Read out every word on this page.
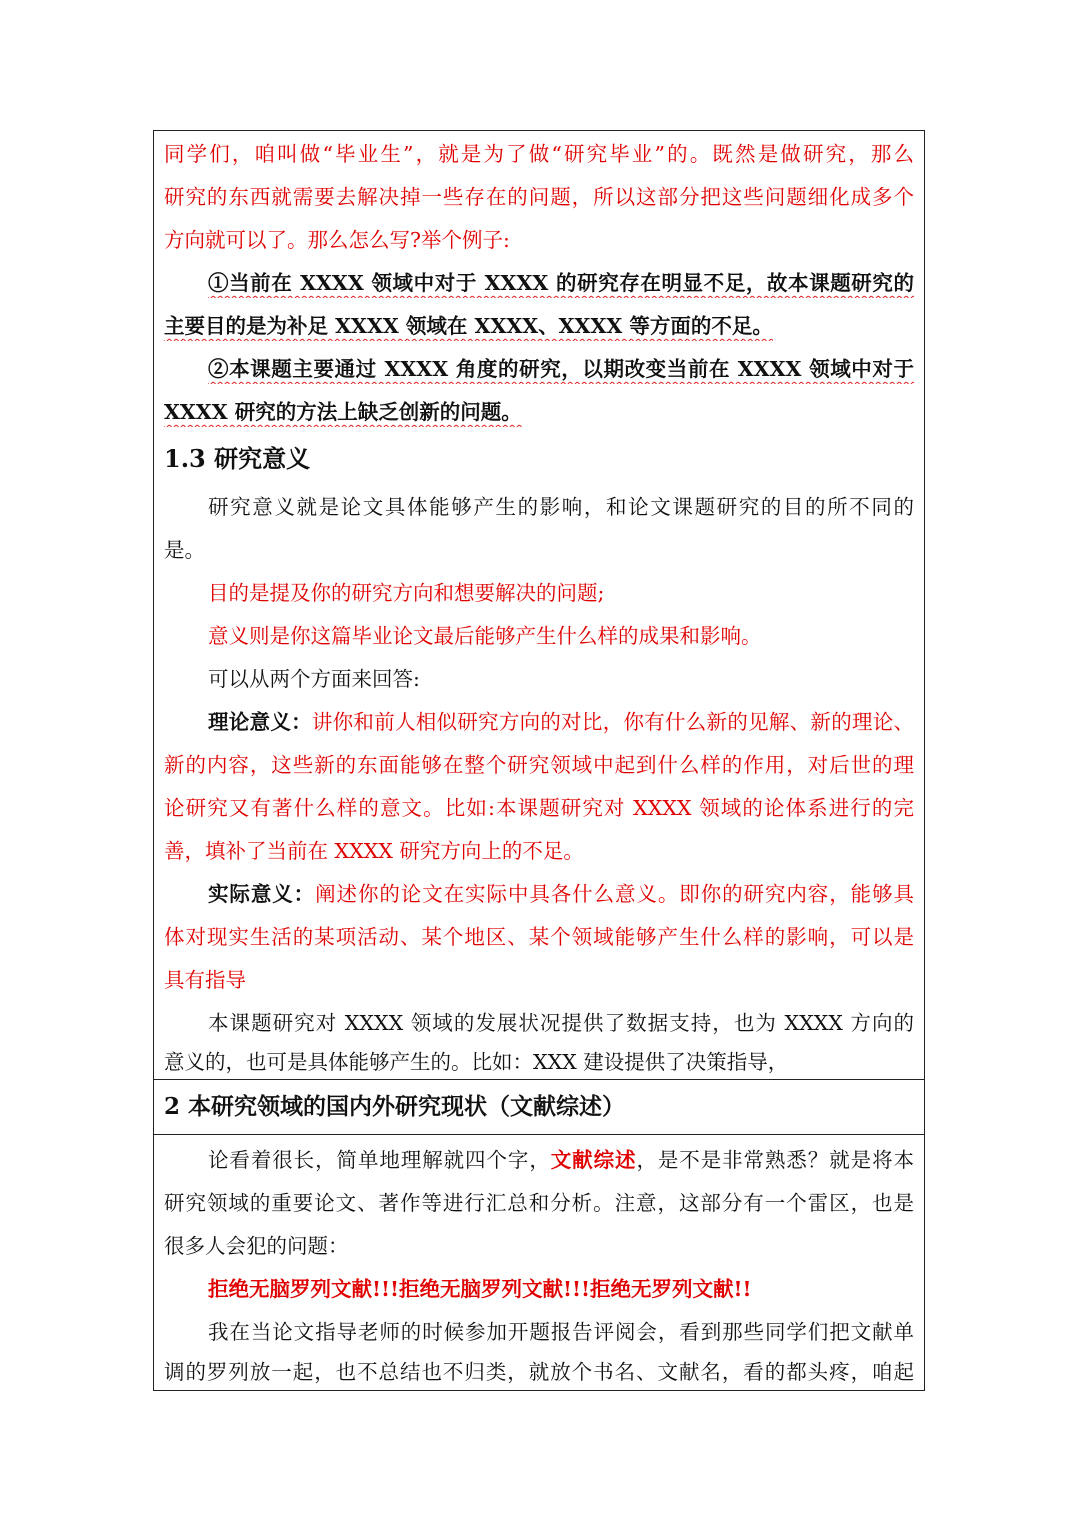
同学们，咱叫做“毕业生”，就是为了做“研究毕业”的。既然是做研究，那么
研究的东西就需要去解决掉一些存在的问题，所以这部分把这些问题细化成多个
方向就可以了。那么怎么写?举个例子:
①当前在 XXXX 领域中对于 XXXX 的研究存在明显不足，故本课题研究的
主要目的是为补足 XXXX 领域在 XXXX、XXXX 等方面的不足。
②本课题主要通过 XXXX 角度的研究，以期改变当前在 XXXX 领域中对于
XXXX 研究的方法上缺乏创新的问题。
1.3 研究意义
研究意义就是论文具体能够产生的影响，和论文课题研究的目的所不同的
是。
目的是提及你的研究方向和想要解决的问题;
意义则是你这篇毕业论文最后能够产生什么样的成果和影响。
可以从两个方面来回答:
理论意义：讲你和前人相似研究方向的对比，你有什么新的见解、新的理论、
新的内容，这些新的东面能够在整个研究领域中起到什么样的作用，对后世的理
论研究又有著什么样的意文。比如:本课题研究对 XXXX 领域的论体系进行的完
善，填补了当前在 XXXX 研究方向上的不足。
实际意义：阐述你的论文在实际中具各什么意义。即你的研究内容，能够具
体对现实生活的某项活动、某个地区、某个领域能够产生什么样的影响，可以是
具有指导
本课题研究对 XXXX 领域的发展状况提供了数据支持，也为 XXXX 方向的
意义的，也可是具体能够产生的。比如：XXX 建设提供了决策指导，
2 本研究领域的国内外研究现状（文献综述）
论看着很长，简单地理解就四个字，文献综述，是不是非常熟悉？就是将本
研究领域的重要论文、著作等进行汇总和分析。注意，这部分有一个雷区，也是
很多人会犯的问题：
拒绝无脑罗列文献!!!拒绝无脑罗列文献!!!拒绝无罗列文献!!
我在当论文指导老师的时候参加开题报告评阅会，看到那些同学们把文献单
调的罗列放一起，也不总结也不归类，就放个书名、文献名，看的都头疼，咱起
